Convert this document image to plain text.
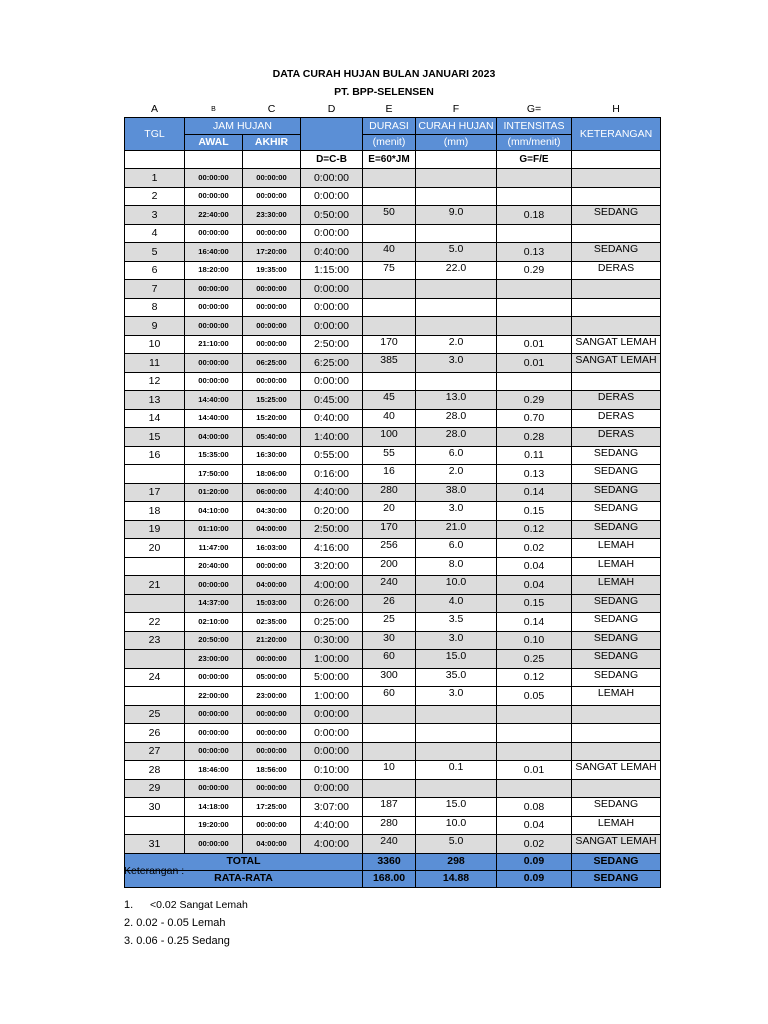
DATA CURAH HUJAN BULAN JANUARI 2023
PT. BPP-SELENSEN
A	B	C	D	E	F	G=	H
TGL	JAM HUJAN			DURASI	CURAH HUJAN	INTENSITAS	KETERANGAN
	AWAL	AKHIR		(menit)	(mm)	(mm/menit)	
			D=C-B	E=60*JM		G=F/E	
1	00:00:00	00:00:00	0:00:00				
2	00:00:00	00:00:00	0:00:00				
3	22:40:00	23:30:00	0:50:00	50	9.0	0.18	SEDANG
4	00:00:00	00:00:00	0:00:00				
5	16:40:00	17:20:00	0:40:00	40	5.0	0.13	SEDANG
6	18:20:00	19:35:00	1:15:00	75	22.0	0.29	DERAS
7	00:00:00	00:00:00	0:00:00				
8	00:00:00	00:00:00	0:00:00				
9	00:00:00	00:00:00	0:00:00				
10	21:10:00	00:00:00	2:50:00	170	2.0	0.01	SANGAT LEMAH
11	00:00:00	06:25:00	6:25:00	385	3.0	0.01	SANGAT LEMAH
12	00:00:00	00:00:00	0:00:00				
13	14:40:00	15:25:00	0:45:00	45	13.0	0.29	DERAS
14	14:40:00	15:20:00	0:40:00	40	28.0	0.70	DERAS
15	04:00:00	05:40:00	1:40:00	100	28.0	0.28	DERAS
16	15:35:00	16:30:00	0:55:00	55	6.0	0.11	SEDANG
	17:50:00	18:06:00	0:16:00	16	2.0	0.13	SEDANG
17	01:20:00	06:00:00	4:40:00	280	38.0	0.14	SEDANG
18	04:10:00	04:30:00	0:20:00	20	3.0	0.15	SEDANG
19	01:10:00	04:00:00	2:50:00	170	21.0	0.12	SEDANG
20	11:47:00	16:03:00	4:16:00	256	6.0	0.02	LEMAH
	20:40:00	00:00:00	3:20:00	200	8.0	0.04	LEMAH
21	00:00:00	04:00:00	4:00:00	240	10.0	0.04	LEMAH
	14:37:00	15:03:00	0:26:00	26	4.0	0.15	SEDANG
22	02:10:00	02:35:00	0:25:00	25	3.5	0.14	SEDANG
23	20:50:00	21:20:00	0:30:00	30	3.0	0.10	SEDANG
	23:00:00	00:00:00	1:00:00	60	15.0	0.25	SEDANG
24	00:00:00	05:00:00	5:00:00	300	35.0	0.12	SEDANG
	22:00:00	23:00:00	1:00:00	60	3.0	0.05	LEMAH
25	00:00:00	00:00:00	0:00:00				
26	00:00:00	00:00:00	0:00:00				
27	00:00:00	00:00:00	0:00:00				
28	18:46:00	18:56:00	0:10:00	10	0.1	0.01	SANGAT LEMAH
29	00:00:00	00:00:00	0:00:00				
30	14:18:00	17:25:00	3:07:00	187	15.0	0.08	SEDANG
	19:20:00	00:00:00	4:40:00	280	10.0	0.04	LEMAH
31	00:00:00	04:00:00	4:00:00	240	5.0	0.02	SANGAT LEMAH
TOTAL				3360	298	0.09	SEDANG
RATA-RATA				168.00	14.88	0.09	SEDANG
Keterangan :
1. <0.02 Sangat Lemah
2. 0.02 - 0.05 Lemah
3. 0.06 - 0.25 Sedang
